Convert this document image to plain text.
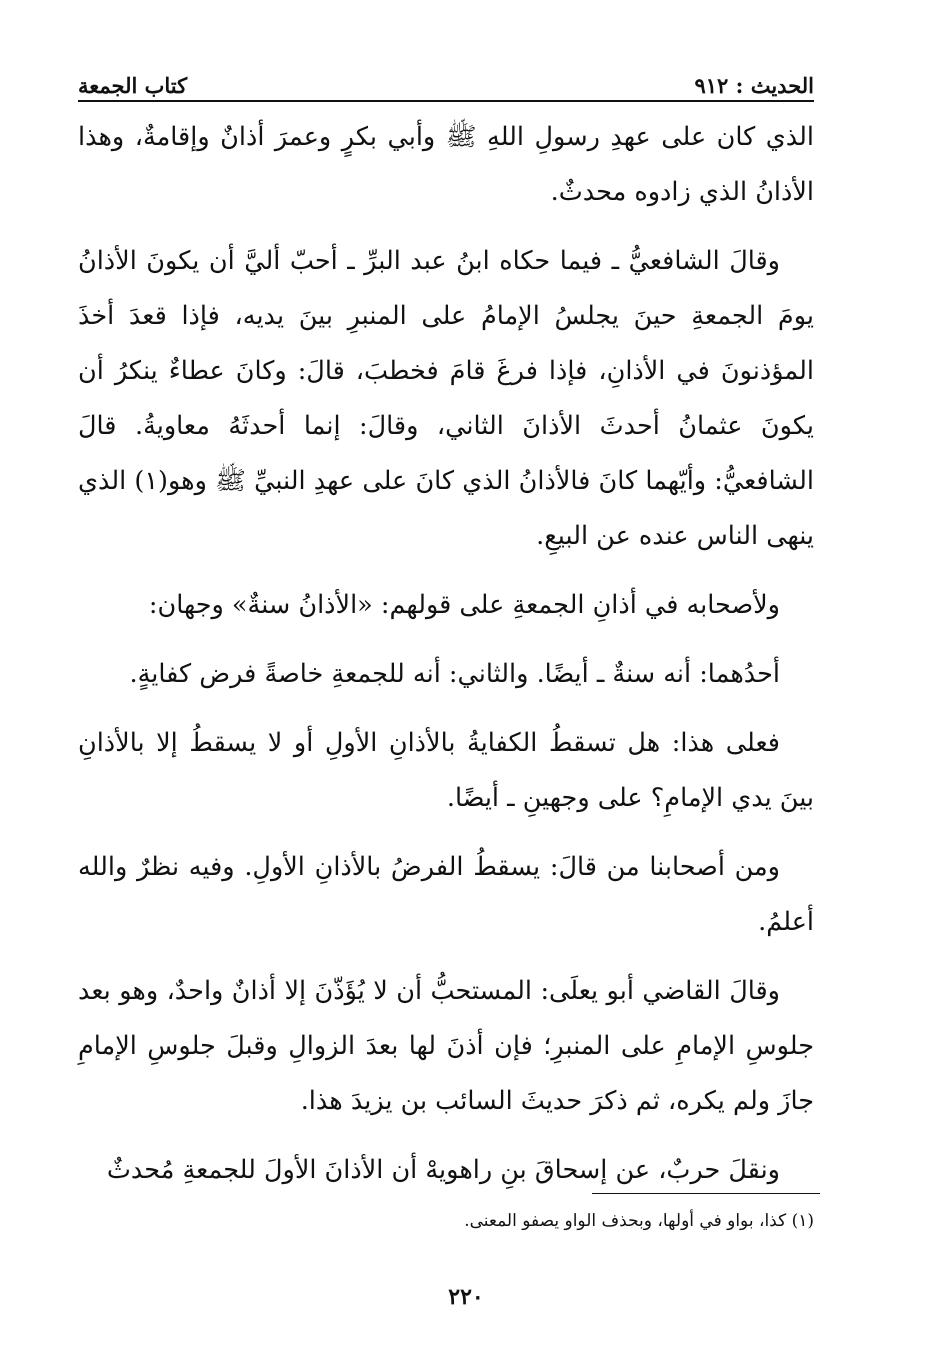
الحديث : ٩١٢
كتاب الجمعة

الذي كان على عهدِ رسولِ اللهِ ﷺ وأبي بكرٍ وعمرَ أذانٌ وإقامةٌ، وهذا الأذانُ الذي زادوه محدثٌ.

وقالَ الشافعيُّ ـ فيما حكاه ابنُ عبد البرِّ ـ أحبّ أليَّ أن يكونَ الأذانُ يومَ الجمعةِ حينَ يجلسُ الإمامُ على المنبرِ بينَ يديه، فإذا قعدَ أخذَ المؤذنونَ في الأذانِ، فإذا فرغَ قامَ فخطبَ، قالَ: وكانَ عطاءٌ ينكرُ أن يكونَ عثمانُ أحدثَ الأذانَ الثاني، وقالَ: إنما أحدثَهُ معاويةُ. قالَ الشافعيُّ: وأيّهما كانَ فالأذانُ الذي كانَ على عهدِ النبيِّ ﷺ وهو(١) الذي ينهى الناس عنده عن البيعِ.

ولأصحابه في أذانِ الجمعةِ على قولهم: «الأذانُ سنةٌ» وجهان:

أحدُهما: أنه سنةٌ ـ أيضًا. والثاني: أنه للجمعةِ خاصةً فرض كفايةٍ.

فعلى هذا: هل تسقطُ الكفايةُ بالأذانِ الأولِ أو لا يسقطُ إلا بالأذانِ بينَ يدي الإمامِ؟ على وجهينِ ـ أيضًا.

ومن أصحابنا من قالَ: يسقطُ الفرضُ بالأذانِ الأولِ. وفيه نظرٌ والله أعلمُ.

وقالَ القاضي أبو يعلَى: المستحبُّ أن لا يُؤَذّنَ إلا أذانٌ واحدٌ، وهو بعد جلوسِ الإمامِ على المنبرِ؛ فإن أذنَ لها بعدَ الزوالِ وقبلَ جلوسِ الإمامِ جازَ ولم يكره، ثم ذكرَ حديثَ السائب بن يزيدَ هذا.

ونقلَ حربٌ، عن إسحاقَ بنِ راهويهْ أن الأذانَ الأولَ للجمعةِ مُحدثٌ

(١) كذا، بواو في أولها، وبحذف الواو يصفو المعنى.
٢٢٠
